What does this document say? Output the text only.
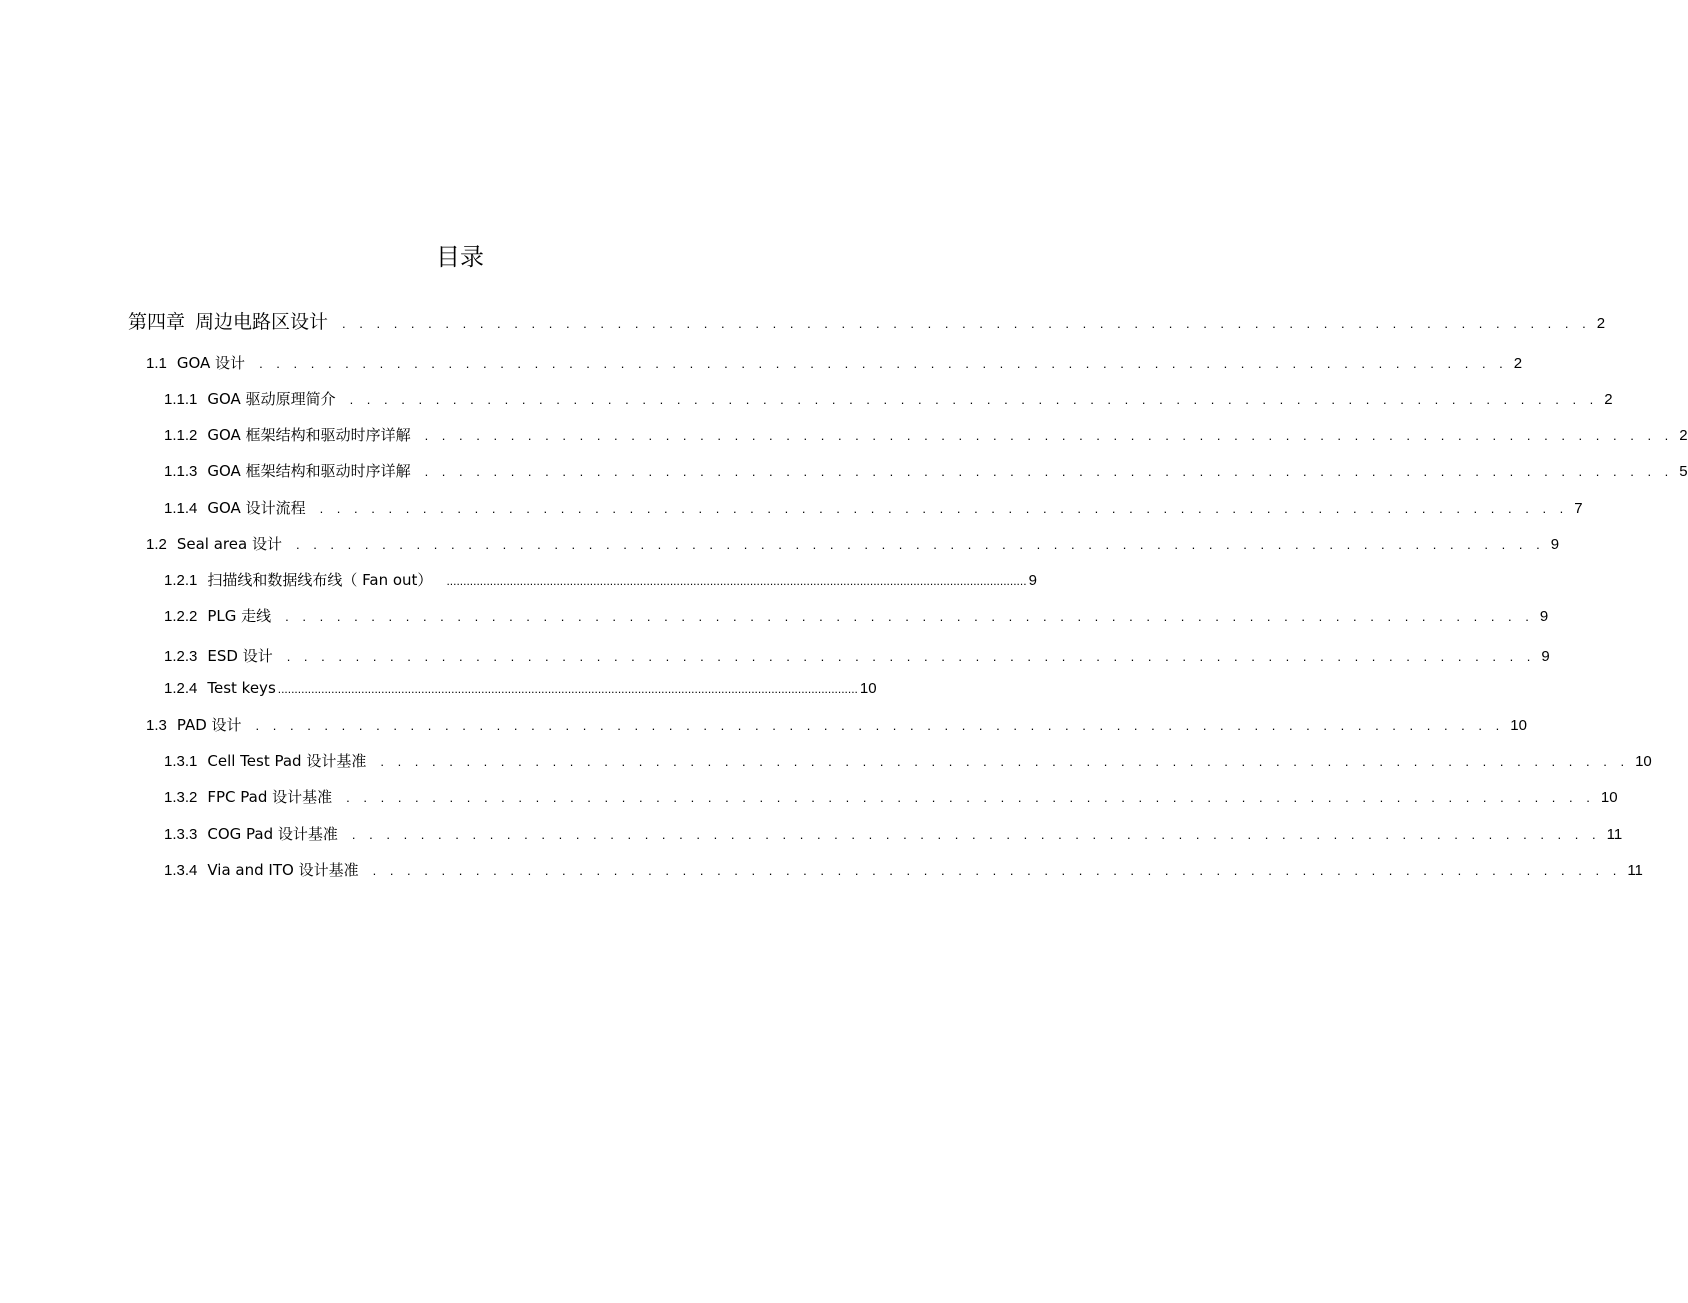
目录
第四章 周边电路区设计 . . . . . . . . . . . . . . . . . . . . . . . . . . . . . . . . . . . . . . . . . . . . . . . . . . . . . . . . . . . . . . . . . . . . . . . . . 2
1.1 GOA 设计 . . . . . . . . . . . . . . . . . . . . . . . . . . . . . . . . . . . . . . . . . . . . . . . . . . . . . . . . . . . . . . . . . . . . . . . . . 2
1.1.1 GOA 驱动原理简介 . . . . . . . . . . . . . . . . . . . . . . . . . . . . . . . . . . . . . . . . . . . . . . . . . . . . . . . . . . . . . . . . . . . . . . . . . 2
1.1.2 GOA 框架结构和驱动时序详解 . . . . . . . . . . . . . . . . . . . . . . . . . . . . . . . . . . . . . . . . . . . . . . . . . . . . . . . . . . . . . . . . . . . . . . . . . 2
1.1.3 GOA 框架结构和驱动时序详解 . . . . . . . . . . . . . . . . . . . . . . . . . . . . . . . . . . . . . . . . . . . . . . . . . . . . . . . . . . . . . . . . . . . . . . . . . 5
1.1.4 GOA 设计流程 . . . . . . . . . . . . . . . . . . . . . . . . . . . . . . . . . . . . . . . . . . . . . . . . . . . . . . . . . . . . . . . . . . . . . . . . . 7
1.2 Seal area 设计 . . . . . . . . . . . . . . . . . . . . . . . . . . . . . . . . . . . . . . . . . . . . . . . . . . . . . . . . . . . . . . . . . . . . . . . . . 9
1.2.1 扫描线和数据线布线（ Fan out） .............................................................................................................................................................................. 9
1.2.2 PLG 走线 . . . . . . . . . . . . . . . . . . . . . . . . . . . . . . . . . . . . . . . . . . . . . . . . . . . . . . . . . . . . . . . . . . . . . . . . . 9
1.2.3 ESD 设计 . . . . . . . . . . . . . . . . . . . . . . . . . . . . . . . . . . . . . . . . . . . . . . . . . . . . . . . . . . . . . . . . . . . . . . . . . 9
1.2.4 Test keys .............................................................................................................................................................................. 10
1.3 PAD 设计 . . . . . . . . . . . . . . . . . . . . . . . . . . . . . . . . . . . . . . . . . . . . . . . . . . . . . . . . . . . . . . . . . . . . . . . . . 10
1.3.1 Cell Test Pad 设计基准 . . . . . . . . . . . . . . . . . . . . . . . . . . . . . . . . . . . . . . . . . . . . . . . . . . . . . . . . . . . . . . . . . . . . . . . . . 10
1.3.2 FPC Pad 设计基准 . . . . . . . . . . . . . . . . . . . . . . . . . . . . . . . . . . . . . . . . . . . . . . . . . . . . . . . . . . . . . . . . . . . . . . . . . 10
1.3.3 COG Pad 设计基准 . . . . . . . . . . . . . . . . . . . . . . . . . . . . . . . . . . . . . . . . . . . . . . . . . . . . . . . . . . . . . . . . . . . . . . . . . 11
1.3.4 Via and ITO 设计基准 . . . . . . . . . . . . . . . . . . . . . . . . . . . . . . . . . . . . . . . . . . . . . . . . . . . . . . . . . . . . . . . . . . . . . . . . . 11
